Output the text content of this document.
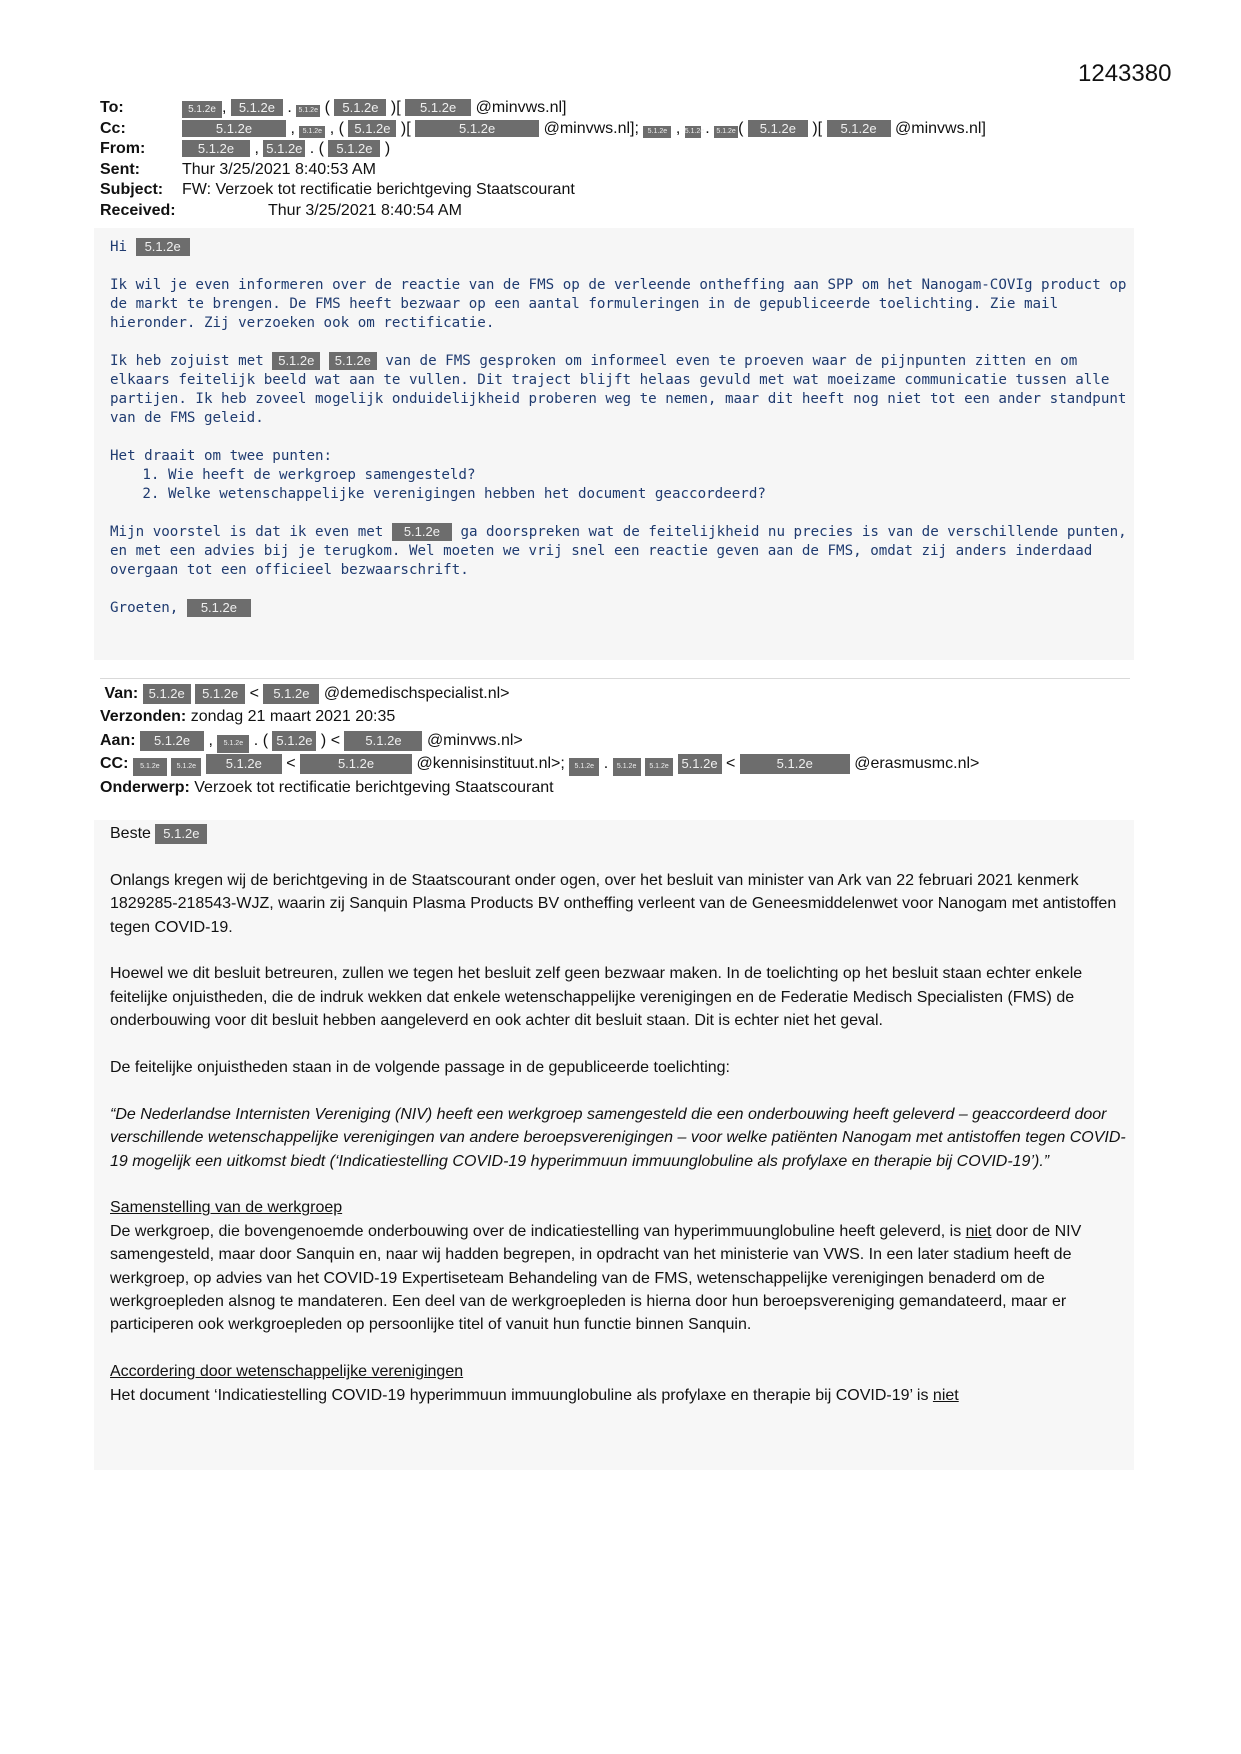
1243380
To:	5.1.2e , 5.1.2e . 5.1.2e ( 5.1.2e )[ 5.1.2e @minvws.nl]
Cc:	5.1.2e , 5.1.2e , ( 5.1.2e )[	5.1.2e	@minvws.nl]; 5.1.2e , 5.1.2e . 5.1.2e ( 5.1.2e )[ 5.1.2e @minvws.nl]
From:	5.1.2e , 5.1.2e . ( 5.1.2e )
Sent:	Thur 3/25/2021 8:40:53 AM
Subject: FW: Verzoek tot rectificatie berichtgeving Staatscourant
Received:	Thur 3/25/2021 8:40:54 AM

Hi 5.1.2e

Ik wil je even informeren over de reactie van de FMS op de verleende ontheffing aan SPP om het Nanogam-COVIg product op de markt te brengen. De FMS heeft bezwaar op een aantal formuleringen in de gepubliceerde toelichting. Zie mail hieronder. Zij verzoeken ook om rectificatie.

Ik heb zojuist met 5.1.2e 5.1.2e van de FMS gesproken om informeel even te proeven waar de pijnpunten zitten en om elkaars feitelijk beeld wat aan te vullen. Dit traject blijft helaas gevuld met wat moeizame communicatie tussen alle partijen. Ik heb zoveel mogelijk onduidelijkheid proberen weg te nemen, maar dit heeft nog niet tot een ander standpunt van de FMS geleid.

Het draait om twee punten:
1. Wie heeft de werkgroep samengesteld?
2. Welke wetenschappelijke verenigingen hebben het document geaccordeerd?

Mijn voorstel is dat ik even met 5.1.2e ga doorspreken wat de feitelijkheid nu precies is van de verschillende punten, en met een advies bij je terugkom. Wel moeten we vrij snel een reactie geven aan de FMS, omdat zij anders inderdaad overgaan tot een officieel bezwaarschrift.

Groeten, 5.1.2e

Van: 5.1.2e 5.1.2e < 5.1.2e @demedischspecialist.nl>
Verzonden: zondag 21 maart 2021 20:35
Aan: 5.1.2e , 5.1.2e . ( 5.1.2e ) < 5.1.2e @minvws.nl>
CC: 5.1.2e 5.1.2e 5.1.2e <	5.1.2e	@kennisinstituut.nl>; 5.1.2e . 5.1.2e 5.1.2e 5.1.2e <	5.1.2e	@erasmusmc.nl>
Onderwerp: Verzoek tot rectificatie berichtgeving Staatscourant

Beste 5.1.2e

Onlangs kregen wij de berichtgeving in de Staatscourant onder ogen, over het besluit van minister van Ark van 22 februari 2021 kenmerk 1829285-218543-WJZ, waarin zij Sanquin Plasma Products BV ontheffing verleent van de Geneesmiddelenwet voor Nanogam met antistoffen tegen COVID-19.

Hoewel we dit besluit betreuren, zullen we tegen het besluit zelf geen bezwaar maken. In de toelichting op het besluit staan echter enkele feitelijke onjuistheden, die de indruk wekken dat enkele wetenschappelijke verenigingen en de Federatie Medisch Specialisten (FMS) de onderbouwing voor dit besluit hebben aangeleverd en ook achter dit besluit staan. Dit is echter niet het geval.

De feitelijke onjuistheden staan in de volgende passage in de gepubliceerde toelichting:

“De Nederlandse Internisten Vereniging (NIV) heeft een werkgroep samengesteld die een onderbouwing heeft geleverd – geaccordeerd door verschillende wetenschappelijke verenigingen van andere beroepsverenigingen – voor welke patiënten Nanogam met antistoffen tegen COVID-19 mogelijk een uitkomst biedt (‘Indicatiestelling COVID-19 hyperimmuun immuunglobuline als profylaxe en therapie bij COVID-19’).”

Samenstelling van de werkgroep

De werkgroep, die bovengenoemde onderbouwing over de indicatiestelling van hyperimmuunglobuline heeft geleverd, is niet door de NIV samengesteld, maar door Sanquin en, naar wij hadden begrepen, in opdracht van het ministerie van VWS. In een later stadium heeft de werkgroep, op advies van het COVID-19 Expertiseteam Behandeling van de FMS, wetenschappelijke verenigingen benaderd om de werkgroepleden alsnog te mandateren. Een deel van de werkgroepleden is hierna door hun beroepsvereniging gemandateerd, maar er participeren ook werkgroepleden op persoonlijke titel of vanuit hun functie binnen Sanquin.

Accordering door wetenschappelijke verenigingen
Het document ‘Indicatiestelling COVID-19 hyperimmuun immuunglobuline als profylaxe en therapie bij COVID-19’ is niet
